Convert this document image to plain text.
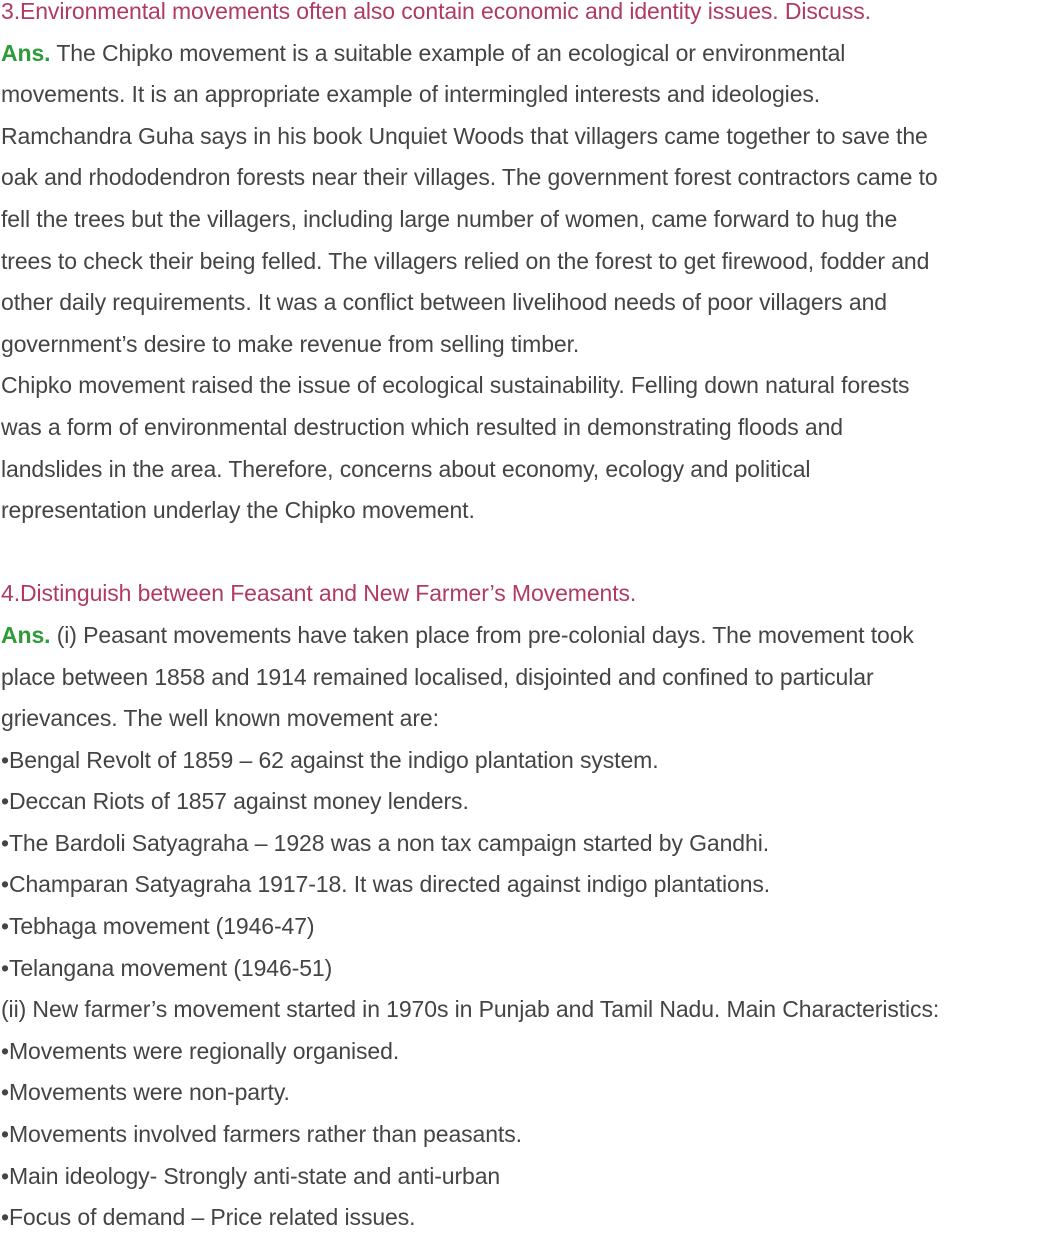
3.Environmental movements often also contain economic and identity issues. Discuss.
Ans. The Chipko movement is a suitable example of an ecological or environmental
movements. It is an appropriate example of intermingled interests and ideologies.
Ramchandra Guha says in his book Unquiet Woods that villagers came together to save the
oak and rhododendron forests near their villages. The government forest contractors came to
fell the trees but the villagers, including large number of women, came forward to hug the
trees to check their being felled. The villagers relied on the forest to get firewood, fodder and
other daily requirements. It was a conflict between livelihood needs of poor villagers and
government’s desire to make revenue from selling timber.
Chipko movement raised the issue of ecological sustainability. Felling down natural forests
was a form of environmental destruction which resulted in demonstrating floods and
landslides in the area. Therefore, concerns about economy, ecology and political
representation underlay the Chipko movement.
4.Distinguish between Feasant and New Farmer’s Movements.
Ans. (i) Peasant movements have taken place from pre-colonial days. The movement took
place between 1858 and 1914 remained localised, disjointed and confined to particular
grievances. The well known movement are:
•Bengal Revolt of 1859 – 62 against the indigo plantation system.
•Deccan Riots of 1857 against money lenders.
•The Bardoli Satyagraha – 1928 was a non tax campaign started by Gandhi.
•Champaran Satyagraha 1917-18. It was directed against indigo plantations.
•Tebhaga movement (1946-47)
•Telangana movement (1946-51)
(ii) New farmer’s movement started in 1970s in Punjab and Tamil Nadu. Main Characteristics:
•Movements were regionally organised.
•Movements were non-party.
•Movements involved farmers rather than peasants.
•Main ideology- Strongly anti-state and anti-urban
•Focus of demand – Price related issues.
